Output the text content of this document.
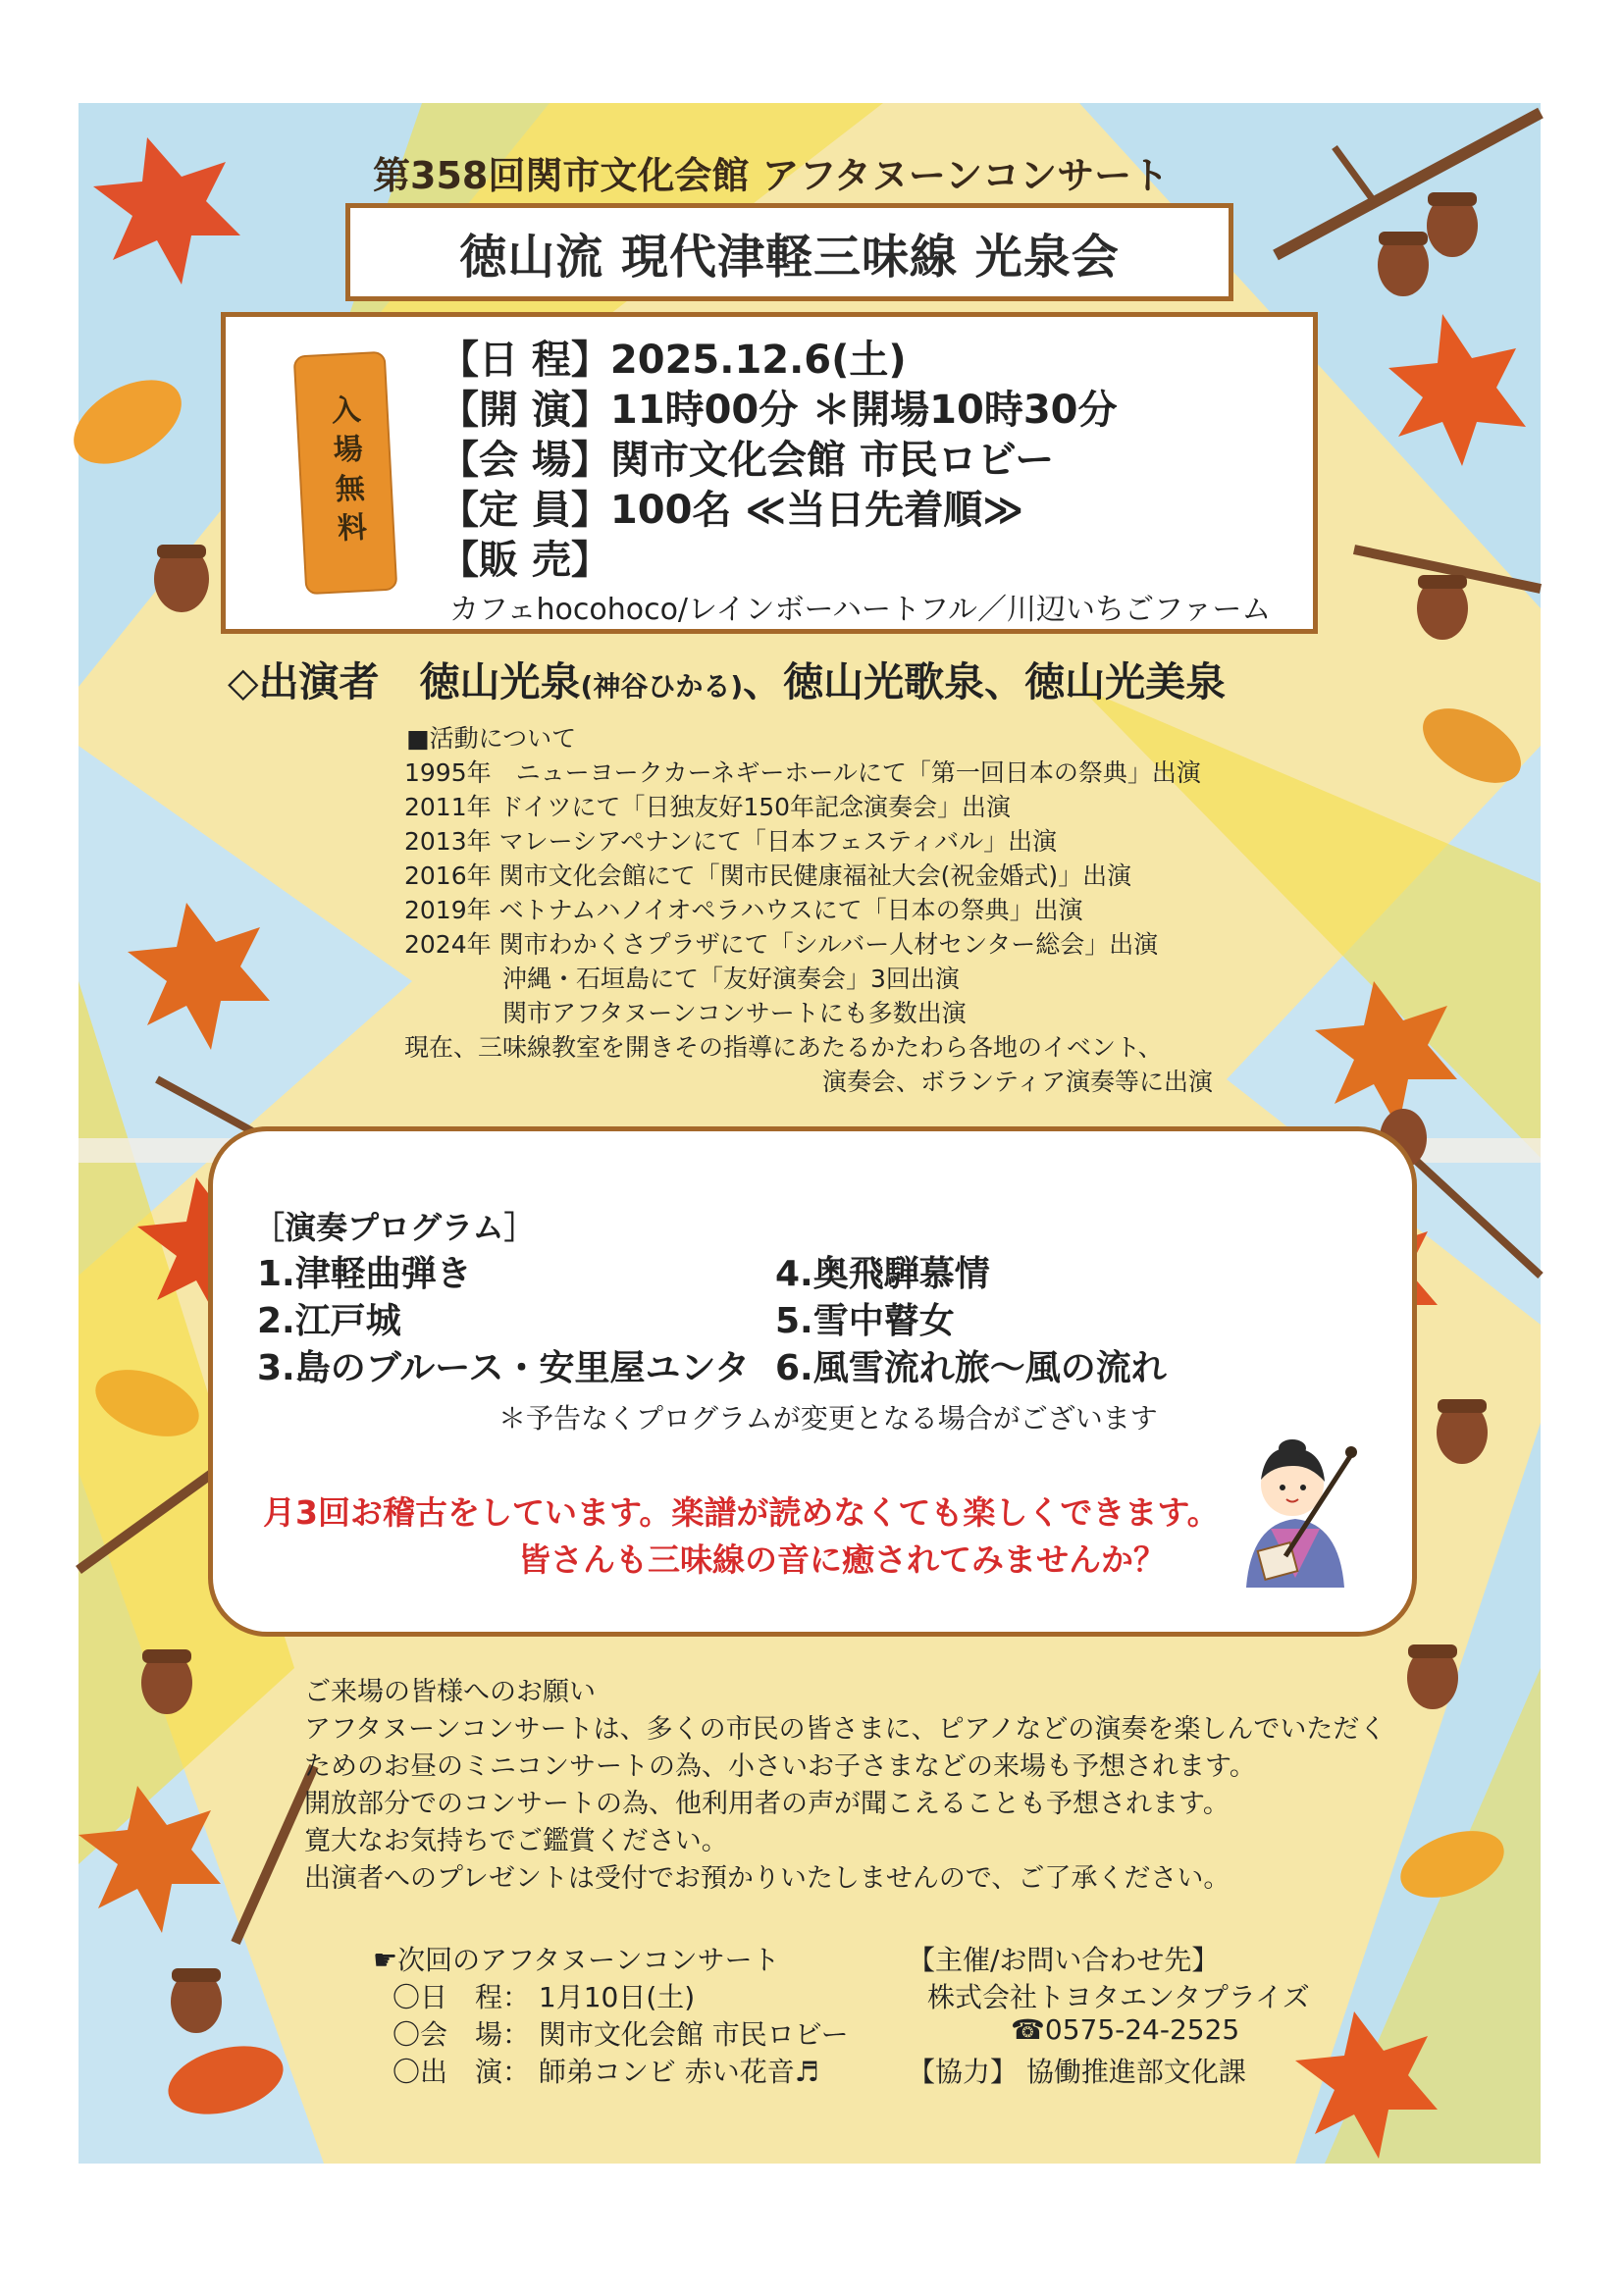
第358回関市文化会館 アフタヌーンコンサート
徳山流 現代津軽三味線 光泉会
入場無料
【日 程】2025.12.6(土)
【開 演】11時00分 ＊開場10時30分
【会 場】関市文化会館 市民ロビー
【定 員】100名 ≪当日先着順≫
【販 売】
カフェhocohoco/レインボーハートフル／川辺いちごファーム
◇出演者　徳山光泉(神谷ひかる)、徳山光歌泉、徳山光美泉
■活動について
1995年　ニューヨークカーネギーホールにて「第一回日本の祭典」出演
2011年 ドイツにて「日独友好150年記念演奏会」出演
2013年 マレーシアペナンにて「日本フェスティバル」出演
2016年 関市文化会館にて「関市民健康福祉大会(祝金婚式)」出演
2019年 ベトナムハノイオペラハウスにて「日本の祭典」出演
2024年 関市わかくさプラザにて「シルバー人材センター総会」出演
　　　　沖縄・石垣島にて「友好演奏会」3回出演
　　　　関市アフタヌーンコンサートにも多数出演
現在、三味線教室を開きその指導にあたるかたわら各地のイベント、
演奏会、ボランティア演奏等に出演
［演奏プログラム］
1.津軽曲弾き
2.江戸城
3.島のブルース・安里屋ユンタ
4.奥飛騨慕情
5.雪中瞽女
6.風雪流れ旅～風の流れ
＊予告なくプログラムが変更となる場合がございます
月3回お稽古をしています。楽譜が読めなくても楽しくできます。
皆さんも三味線の音に癒されてみませんか？
ご来場の皆様へのお願い
アフタヌーンコンサートは、多くの市民の皆さまに、ピアノなどの演奏を楽しんでいただく
ためのお昼のミニコンサートの為、小さいお子さまなどの来場も予想されます。
開放部分でのコンサートの為、他利用者の声が聞こえることも予想されます。
寛大なお気持ちでご鑑賞ください。
出演者へのプレゼントは受付でお預かりいたしませんので、ご了承ください。
☛次回のアフタヌーンコンサート
〇日　程： 1月10日(土)
〇会　場： 関市文化会館 市民ロビー
〇出　演： 師弟コンビ 赤い花音♬
【主催/お問い合わせ先】
株式会社トヨタエンタプライズ
☎0575-24-2525
【協力】 協働推進部文化課
